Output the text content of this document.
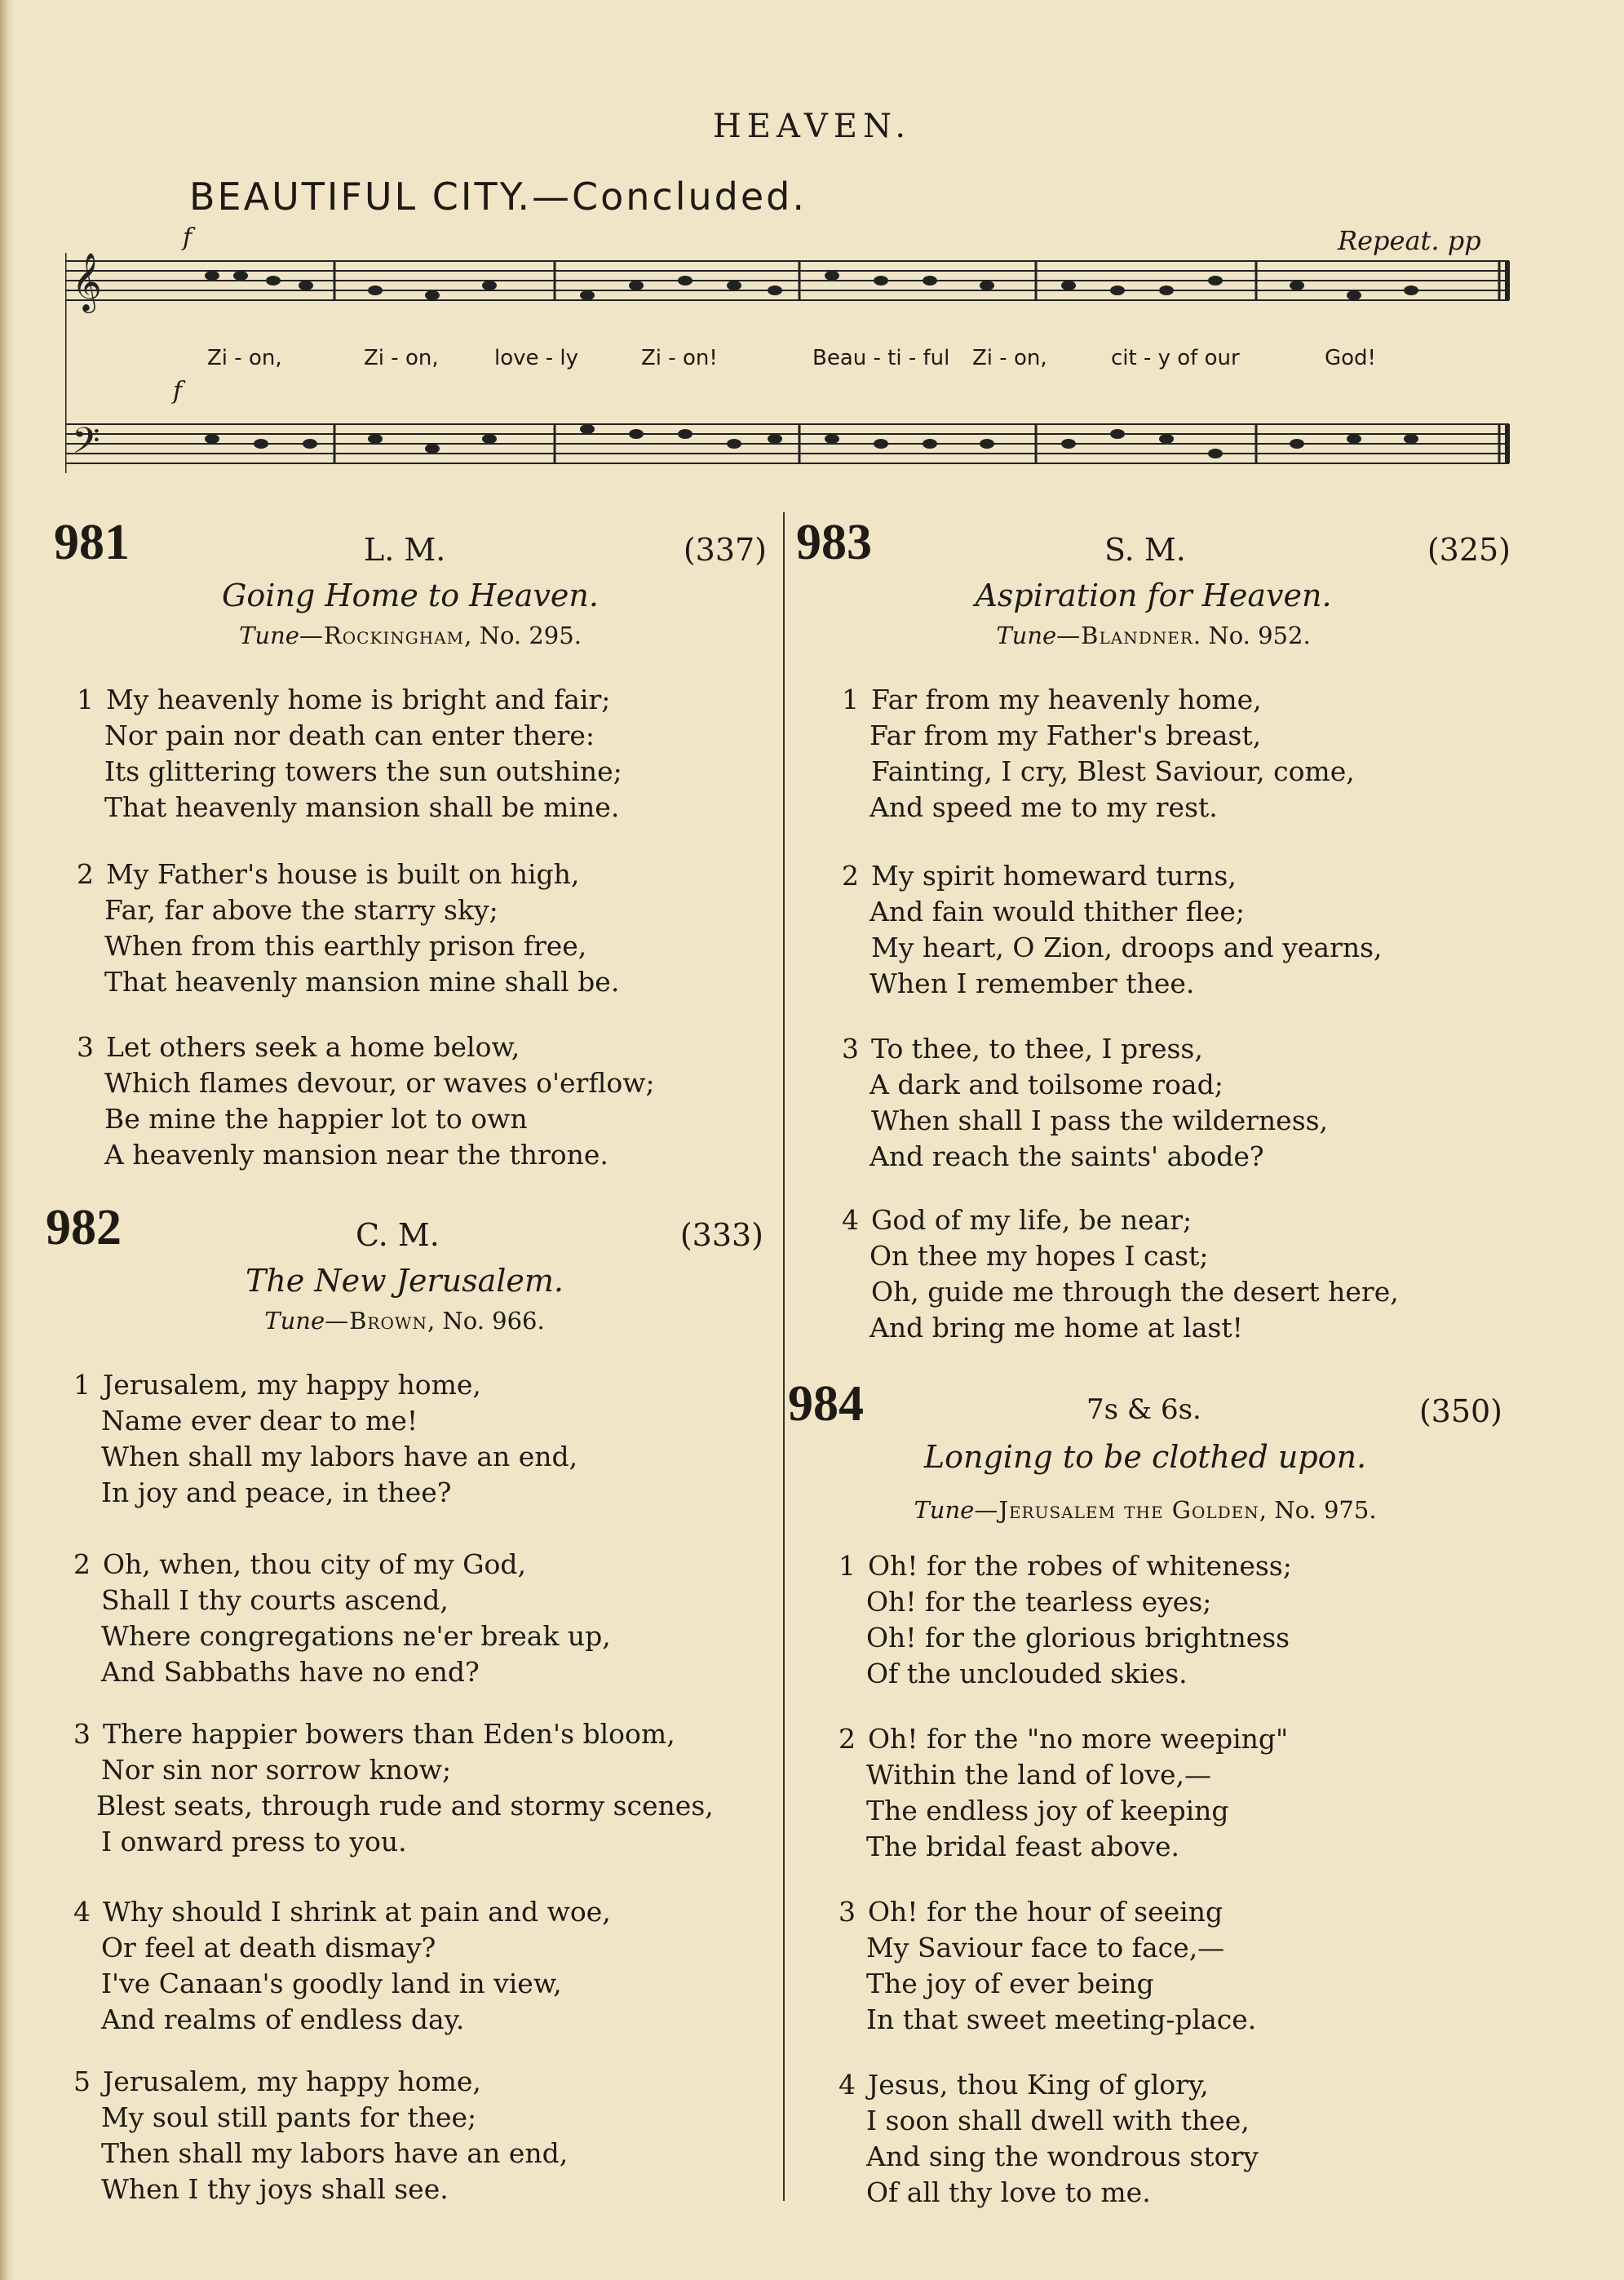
HEAVEN.
BEAUTIFUL CITY.—Concluded.
𝄞
𝄢
f
f
Repeat. pp
Zi - on,	Zi - on,	love - ly	Zi - on!	Beau - ti - ful Zi - on,	cit - y of our	God!
981	L. M.	(337)
Going Home to Heaven.
Tune—Rockingham, No. 295.
1 My heavenly home is bright and fair;
Nor pain nor death can enter there:
Its glittering towers the sun outshine;
That heavenly mansion shall be mine.
2 My Father's house is built on high,
Far, far above the starry sky;
When from this earthly prison free,
That heavenly mansion mine shall be.
3 Let others seek a home below,
Which flames devour, or waves o'erflow;
Be mine the happier lot to own
A heavenly mansion near the throne.
982	C. M.	(333)
The New Jerusalem.
Tune—Brown, No. 966.
1 Jerusalem, my happy home,
Name ever dear to me!
When shall my labors have an end,
In joy and peace, in thee?
2 Oh, when, thou city of my God,
Shall I thy courts ascend,
Where congregations ne'er break up,
And Sabbaths have no end?
3 There happier bowers than Eden's bloom,
Nor sin nor sorrow know;
Blest seats, through rude and stormy scenes,
I onward press to you.
4 Why should I shrink at pain and woe,
Or feel at death dismay?
I've Canaan's goodly land in view,
And realms of endless day.
5 Jerusalem, my happy home,
My soul still pants for thee;
Then shall my labors have an end,
When I thy joys shall see.
983	S. M.	(325)
Aspiration for Heaven.
Tune—Blandner. No. 952.
1 Far from my heavenly home,
Far from my Father's breast,
Fainting, I cry, Blest Saviour, come,
And speed me to my rest.
2 My spirit homeward turns,
And fain would thither flee;
My heart, O Zion, droops and yearns,
When I remember thee.
3 To thee, to thee, I press,
A dark and toilsome road;
When shall I pass the wilderness,
And reach the saints' abode?
4 God of my life, be near;
On thee my hopes I cast;
Oh, guide me through the desert here,
And bring me home at last!
984	7s & 6s.	(350)
Longing to be clothed upon.
Tune—Jerusalem the Golden, No. 975.
1 Oh! for the robes of whiteness;
Oh! for the tearless eyes;
Oh! for the glorious brightness
Of the unclouded skies.
2 Oh! for the "no more weeping"
Within the land of love,—
The endless joy of keeping
The bridal feast above.
3 Oh! for the hour of seeing
My Saviour face to face,—
The joy of ever being
In that sweet meeting-place.
4 Jesus, thou King of glory,
I soon shall dwell with thee,
And sing the wondrous story
Of all thy love to me.
